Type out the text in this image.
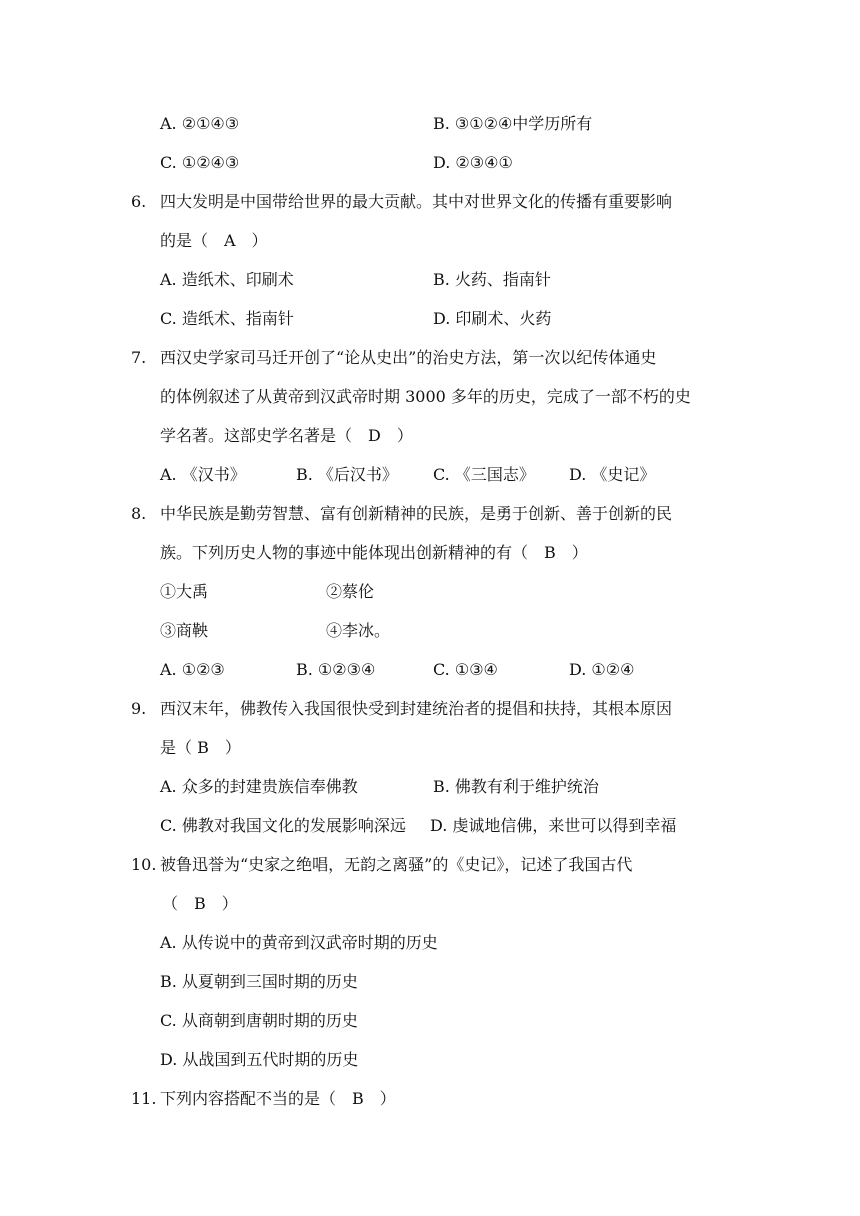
A. ②①④③	B. ③①②④中学历所有
C. ①②④③	D. ②③④①
6. 四大发明是中国带给世界的最大贡献。其中对世界文化的传播有重要影响
的是（　A　）
A. 造纸术、印刷术	B. 火药、指南针
C. 造纸术、指南针	D. 印刷术、火药
7. 西汉史学家司马迁开创了“论从史出”的治史方法，第一次以纪传体通史
的体例叙述了从黄帝到汉武帝时期 3000 多年的历史，完成了一部不朽的史
学名著。这部史学名著是（　D　）
A. 《汉书》	B. 《后汉书》 C. 《三国志》 D. 《史记》
8. 中华民族是勤劳智慧、富有创新精神的民族，是勇于创新、善于创新的民
族。下列历史人物的事迹中能体现出创新精神的有（　B　）
①大禹	②蔡伦
③商鞅	④李冰。
A. ①②③	B. ①②③④	C. ①③④	D. ①②④
9. 西汉末年，佛教传入我国很快受到封建统治者的提倡和扶持，其根本原因
是（ B　）
A. 众多的封建贵族信奉佛教	B. 佛教有利于维护统治
C. 佛教对我国文化的发展影响深远 D. 虔诚地信佛，来世可以得到幸福
10. 被鲁迅誉为“史家之绝唱，无韵之离骚”的《史记》，记述了我国古代
（　B　）
A. 从传说中的黄帝到汉武帝时期的历史
B. 从夏朝到三国时期的历史
C. 从商朝到唐朝时期的历史
D. 从战国到五代时期的历史
11. 下列内容搭配不当的是（　B　）
